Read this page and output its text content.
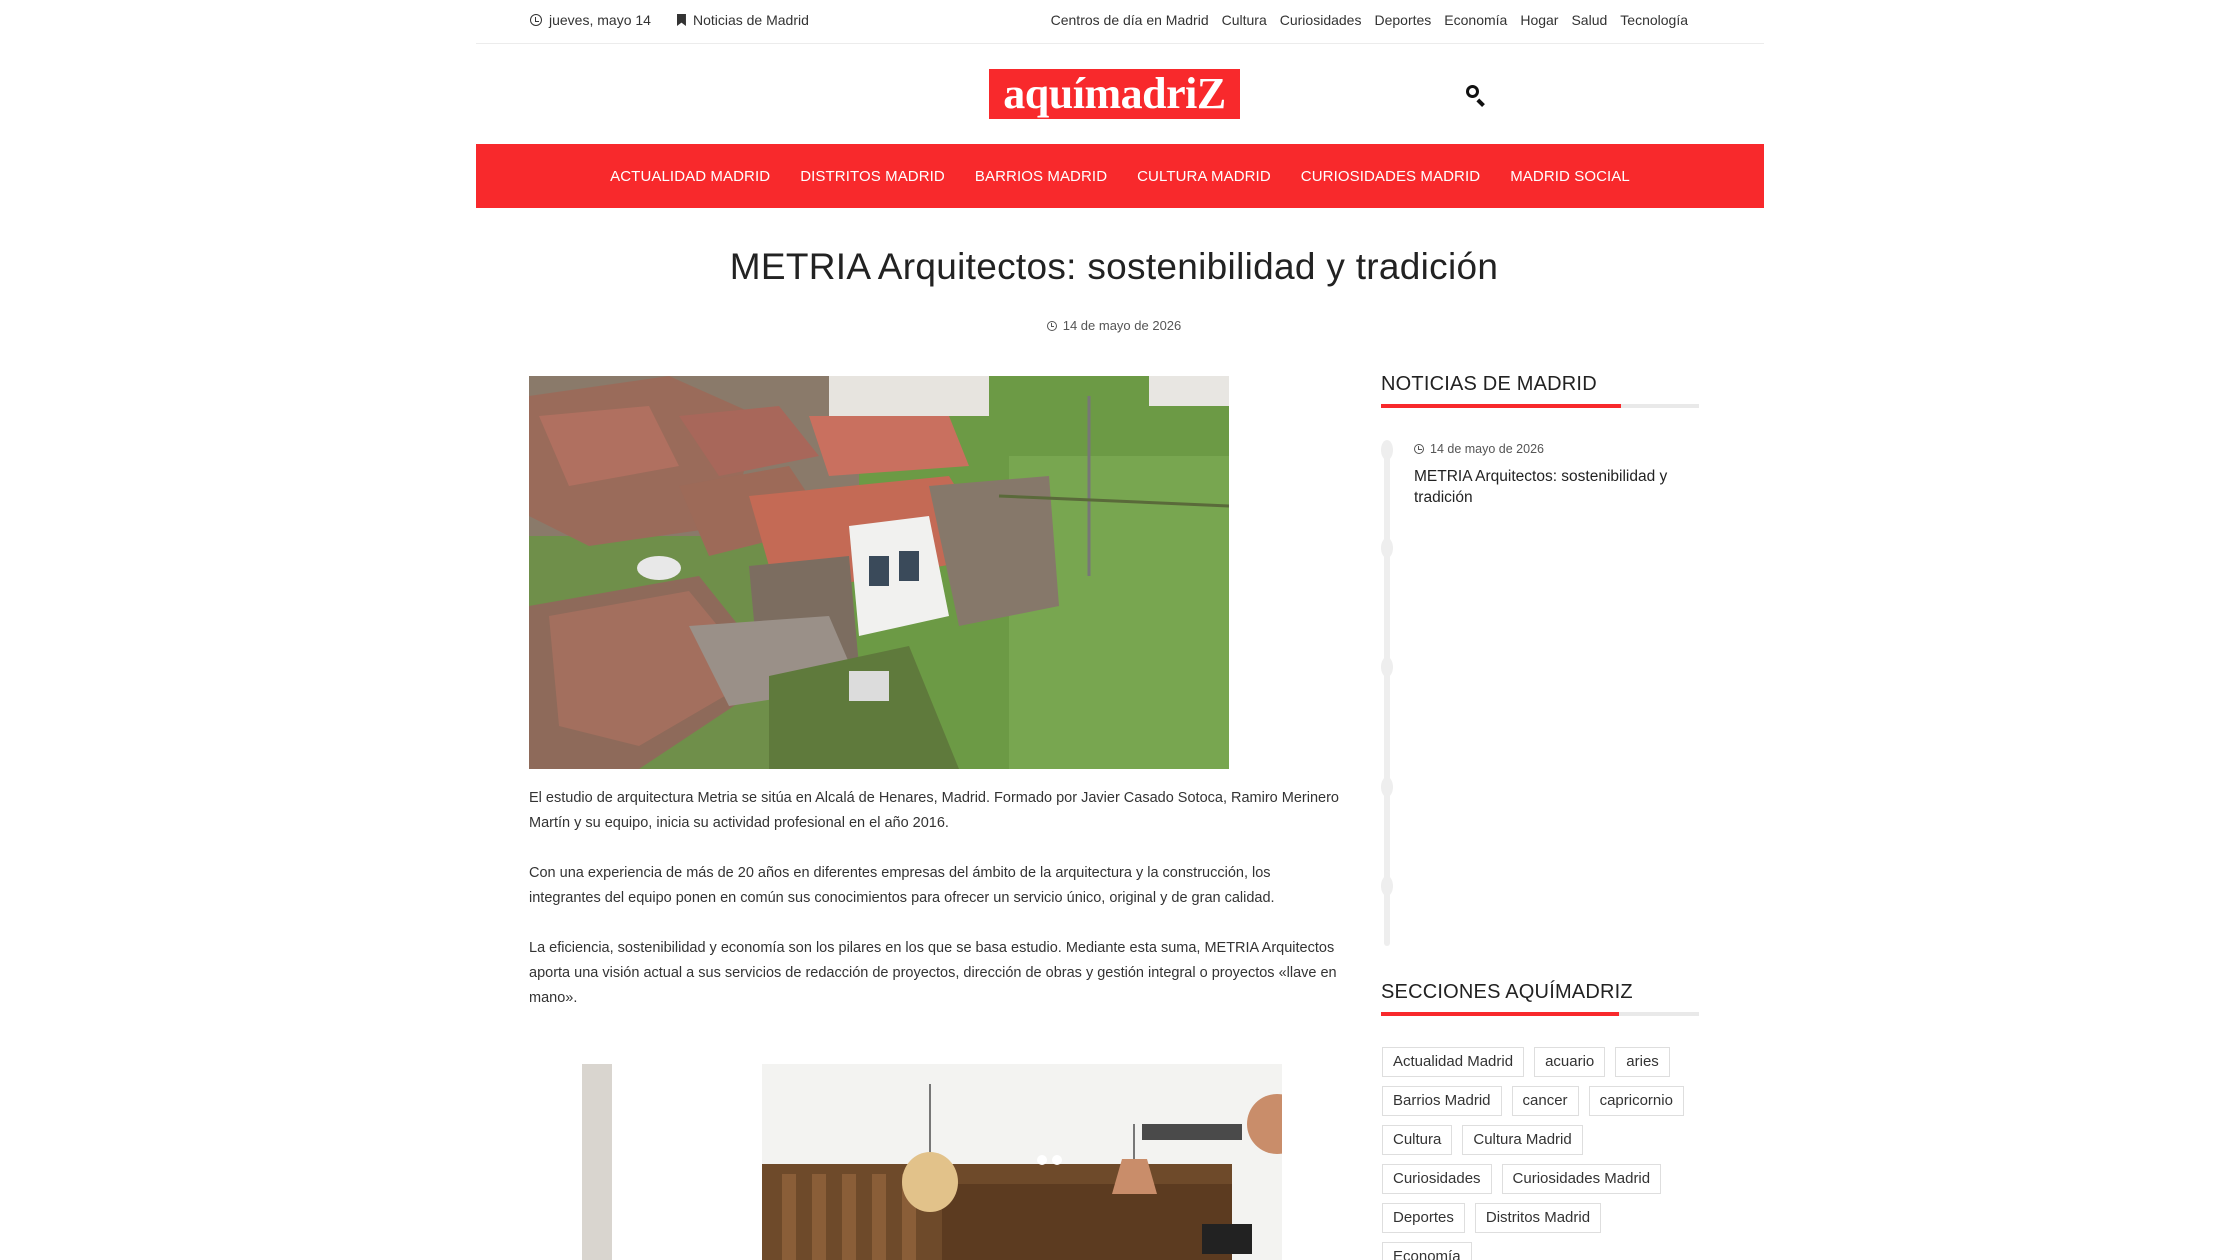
jueves, mayo 14	Noticias de Madrid	Centros de día en Madrid Cultura Curiosidades Deportes Economía Hogar Salud Tecnología
aquímadriZ
ACTUALIDAD MADRID DISTRITOS MADRID BARRIOS MADRID CULTURA MADRID CURIOSIDADES MADRID MADRID SOCIAL
METRIA Arquitectos: sostenibilidad y tradición
14 de mayo de 2026

El estudio de arquitectura Metria se sitúa en Alcalá de Henares, Madrid. Formado por Javier Casado Sotoca, Ramiro Merinero Martín y su equipo, inicia su actividad profesional en el año 2016.

Con una experiencia de más de 20 años en diferentes empresas del ámbito de la arquitectura y la construcción, los integrantes del equipo ponen en común sus conocimientos para ofrecer un servicio único, original y de gran calidad.

La eficiencia, sostenibilidad y economía son los pilares en los que se basa estudio. Mediante esta suma, METRIA Arquitectos aporta una visión actual a sus servicios de redacción de proyectos, dirección de obras y gestión integral o proyectos «llave en mano».

NOTICIAS DE MADRID
14 de mayo de 2026
METRIA Arquitectos: sostenibilidad y tradición
SECCIONES AQUÍMADRIZ
Actualidad Madrid	acuario	aries
Barrios Madrid	cancer	capricornio
Cultura	Cultura Madrid
Curiosidades	Curiosidades Madrid
Deportes	Distritos Madrid
Economía
